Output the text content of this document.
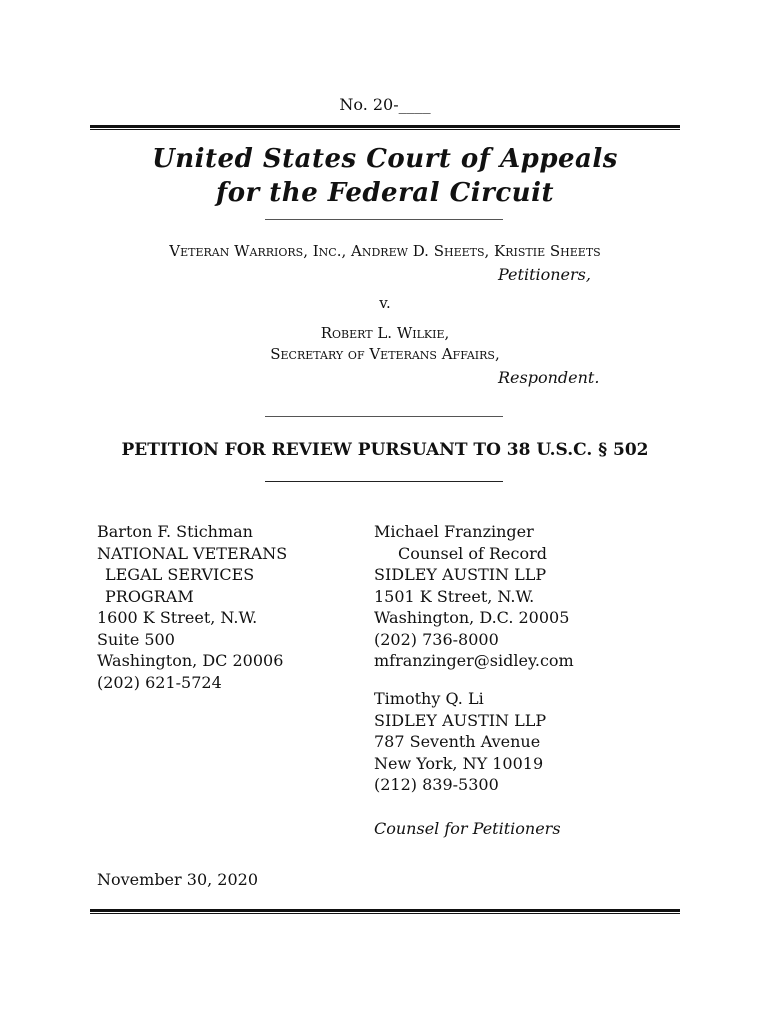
No. 20-____
United States Court of Appeals
for the Federal Circuit
Veteran Warriors, Inc., Andrew D. Sheets, Kristie Sheets
Petitioners,
v.
Robert L. Wilkie,
Secretary of Veterans Affairs,
Respondent.
PETITION FOR REVIEW PURSUANT TO 38 U.S.C. § 502
Barton F. Stichman
NATIONAL VETERANS
LEGAL SERVICES
PROGRAM
1600 K Street, N.W.
Suite 500
Washington, DC 20006
(202) 621-5724
Michael Franzinger
Counsel of Record
SIDLEY AUSTIN LLP
1501 K Street, N.W.
Washington, D.C. 20005
(202) 736-8000
mfranzinger@sidley.com
Timothy Q. Li
SIDLEY AUSTIN LLP
787 Seventh Avenue
New York, NY 10019
(212) 839-5300
Counsel for Petitioners
November 30, 2020
